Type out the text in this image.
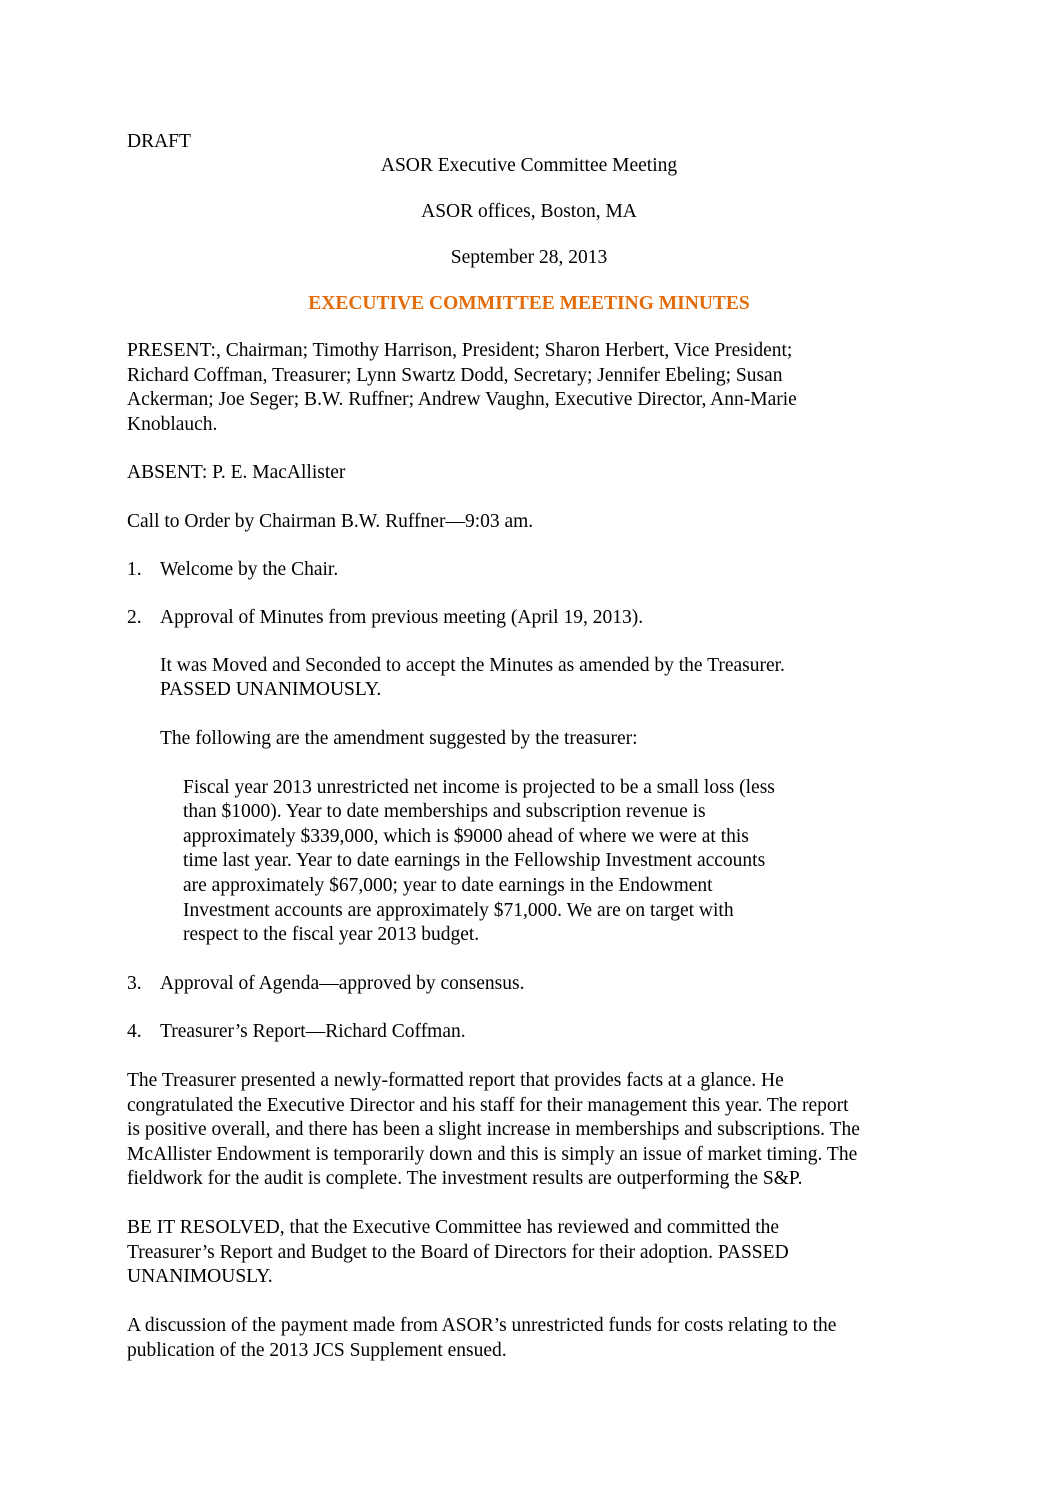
DRAFT
ASOR Executive Committee Meeting
ASOR offices, Boston, MA
September 28, 2013
EXECUTIVE COMMITTEE MEETING MINUTES
PRESENT:, Chairman; Timothy Harrison, President; Sharon Herbert, Vice President;
Richard Coffman, Treasurer; Lynn Swartz Dodd, Secretary; Jennifer Ebeling; Susan
Ackerman; Joe Seger; B.W. Ruffner; Andrew Vaughn, Executive Director, Ann-Marie
Knoblauch.
ABSENT: P. E. MacAllister
Call to Order by Chairman B.W. Ruffner—9:03 am.
1. Welcome by the Chair.
2. Approval of Minutes from previous meeting (April 19, 2013).
It was Moved and Seconded to accept the Minutes as amended by the Treasurer.
PASSED UNANIMOUSLY.
The following are the amendment suggested by the treasurer:
Fiscal year 2013 unrestricted net income is projected to be a small loss (less
than $1000). Year to date memberships and subscription revenue is
approximately $339,000, which is $9000 ahead of where we were at this
time last year. Year to date earnings in the Fellowship Investment accounts
are approximately $67,000; year to date earnings in the Endowment
Investment accounts are approximately $71,000. We are on target with
respect to the fiscal year 2013 budget.
3. Approval of Agenda—approved by consensus.
4. Treasurer’s Report—Richard Coffman.
The Treasurer presented a newly-formatted report that provides facts at a glance. He
congratulated the Executive Director and his staff for their management this year. The report
is positive overall, and there has been a slight increase in memberships and subscriptions. The
McAllister Endowment is temporarily down and this is simply an issue of market timing. The
fieldwork for the audit is complete. The investment results are outperforming the S&P.
BE IT RESOLVED, that the Executive Committee has reviewed and committed the
Treasurer’s Report and Budget to the Board of Directors for their adoption. PASSED
UNANIMOUSLY.
A discussion of the payment made from ASOR’s unrestricted funds for costs relating to the
publication of the 2013 JCS Supplement ensued.
